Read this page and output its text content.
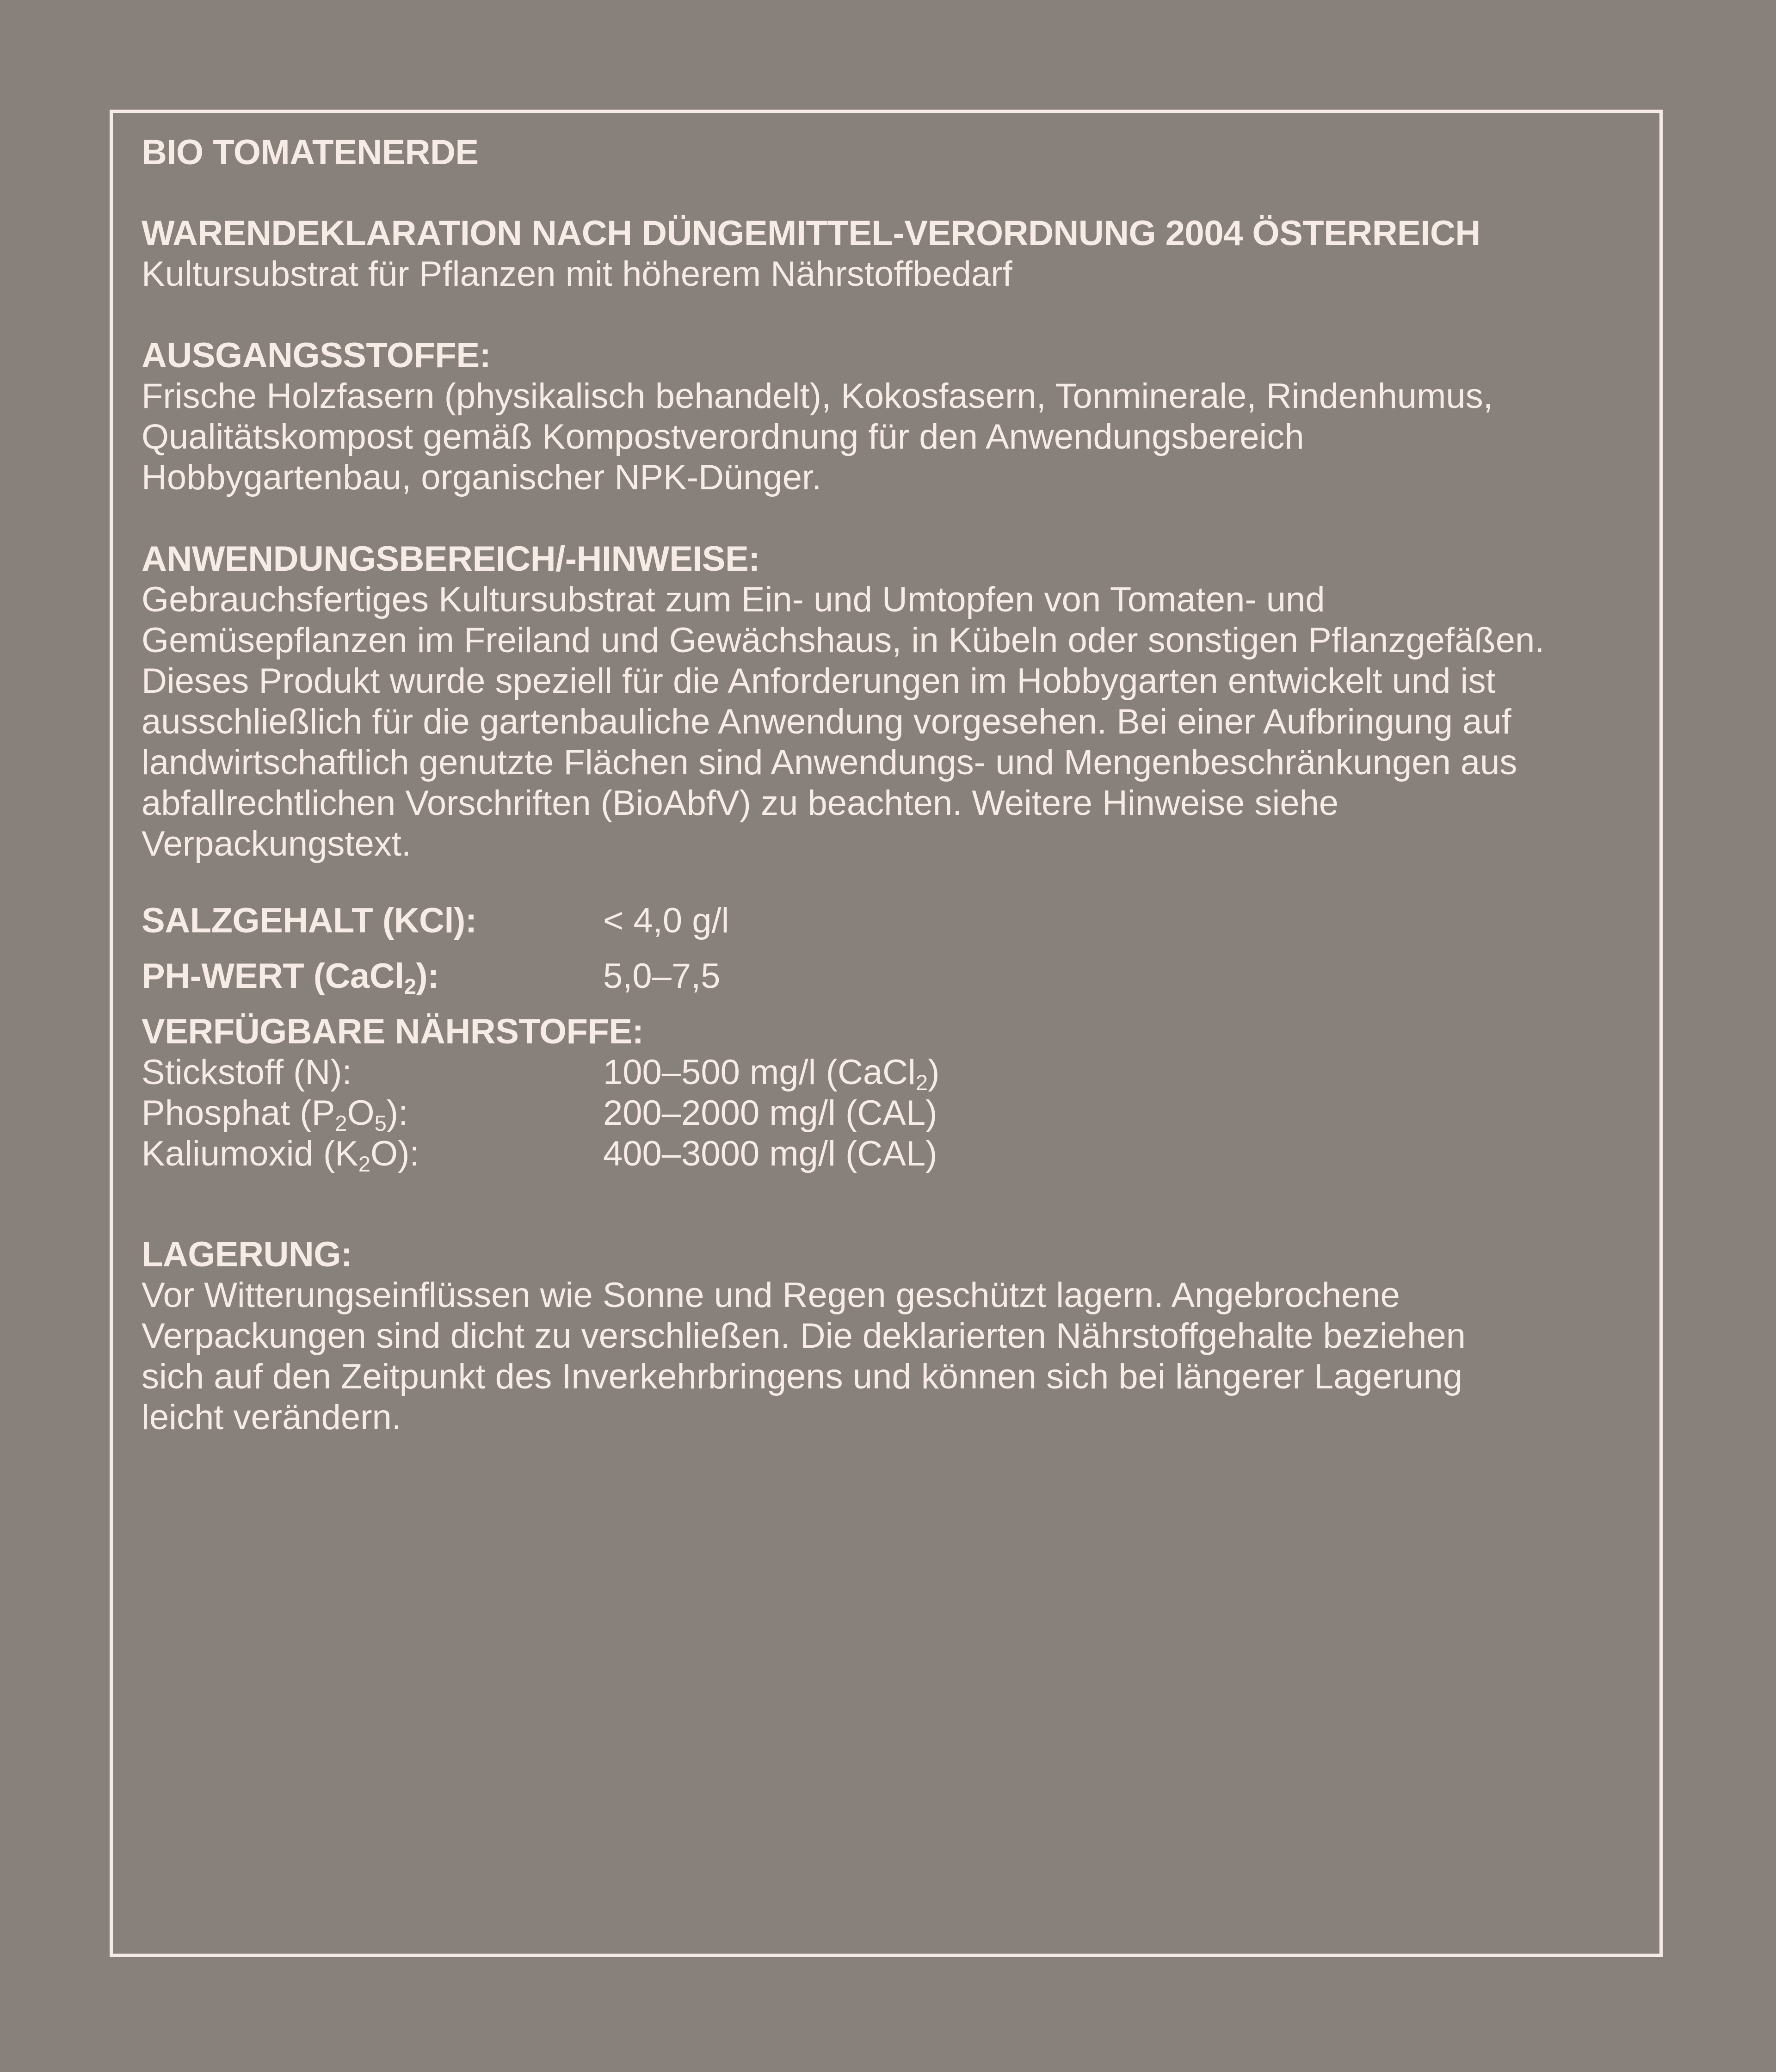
BIO TOMATENERDE
WARENDEKLARATION NACH DÜNGEMITTEL-VERORDNUNG 2004 ÖSTERREICH
Kultursubstrat für Pflanzen mit höherem Nährstoffbedarf
AUSGANGSSTOFFE:
Frische Holzfasern (physikalisch behandelt), Kokosfasern, Tonminerale, Rindenhumus,
Qualitätskompost gemäß Kompostverordnung für den Anwendungsbereich
Hobbygartenbau, organischer NPK-Dünger.
ANWENDUNGSBEREICH/-HINWEISE:
Gebrauchsfertiges Kultursubstrat zum Ein- und Umtopfen von Tomaten- und
Gemüsepflanzen im Freiland und Gewächshaus, in Kübeln oder sonstigen Pflanzgefäßen.
Dieses Produkt wurde speziell für die Anforderungen im Hobbygarten entwickelt und ist
ausschließlich für die gartenbauliche Anwendung vorgesehen. Bei einer Aufbringung auf
landwirtschaftlich genutzte Flächen sind Anwendungs- und Mengenbeschränkungen aus
abfallrechtlichen Vorschriften (BioAbfV) zu beachten. Weitere Hinweise siehe
Verpackungstext.
SALZGEHALT (KCl):	< 4,0 g/l
PH-WERT (CaCl$_2$):	5,0–7,5
VERFÜGBARE NÄHRSTOFFE:
Stickstoff (N):	100–500 mg/l (CaCl$_2$)
Phosphat $(P_2O_5)$:	200–2000 mg/l (CAL)
Kaliumoxid $(K_2O)$:	400–3000 mg/l (CAL)
LAGERUNG:
Vor Witterungseinflüssen wie Sonne und Regen geschützt lagern. Angebrochene
Verpackungen sind dicht zu verschließen. Die deklarierten Nährstoffgehalte beziehen
sich auf den Zeitpunkt des Inverkehrbringens und können sich bei längerer Lagerung
leicht verändern.
